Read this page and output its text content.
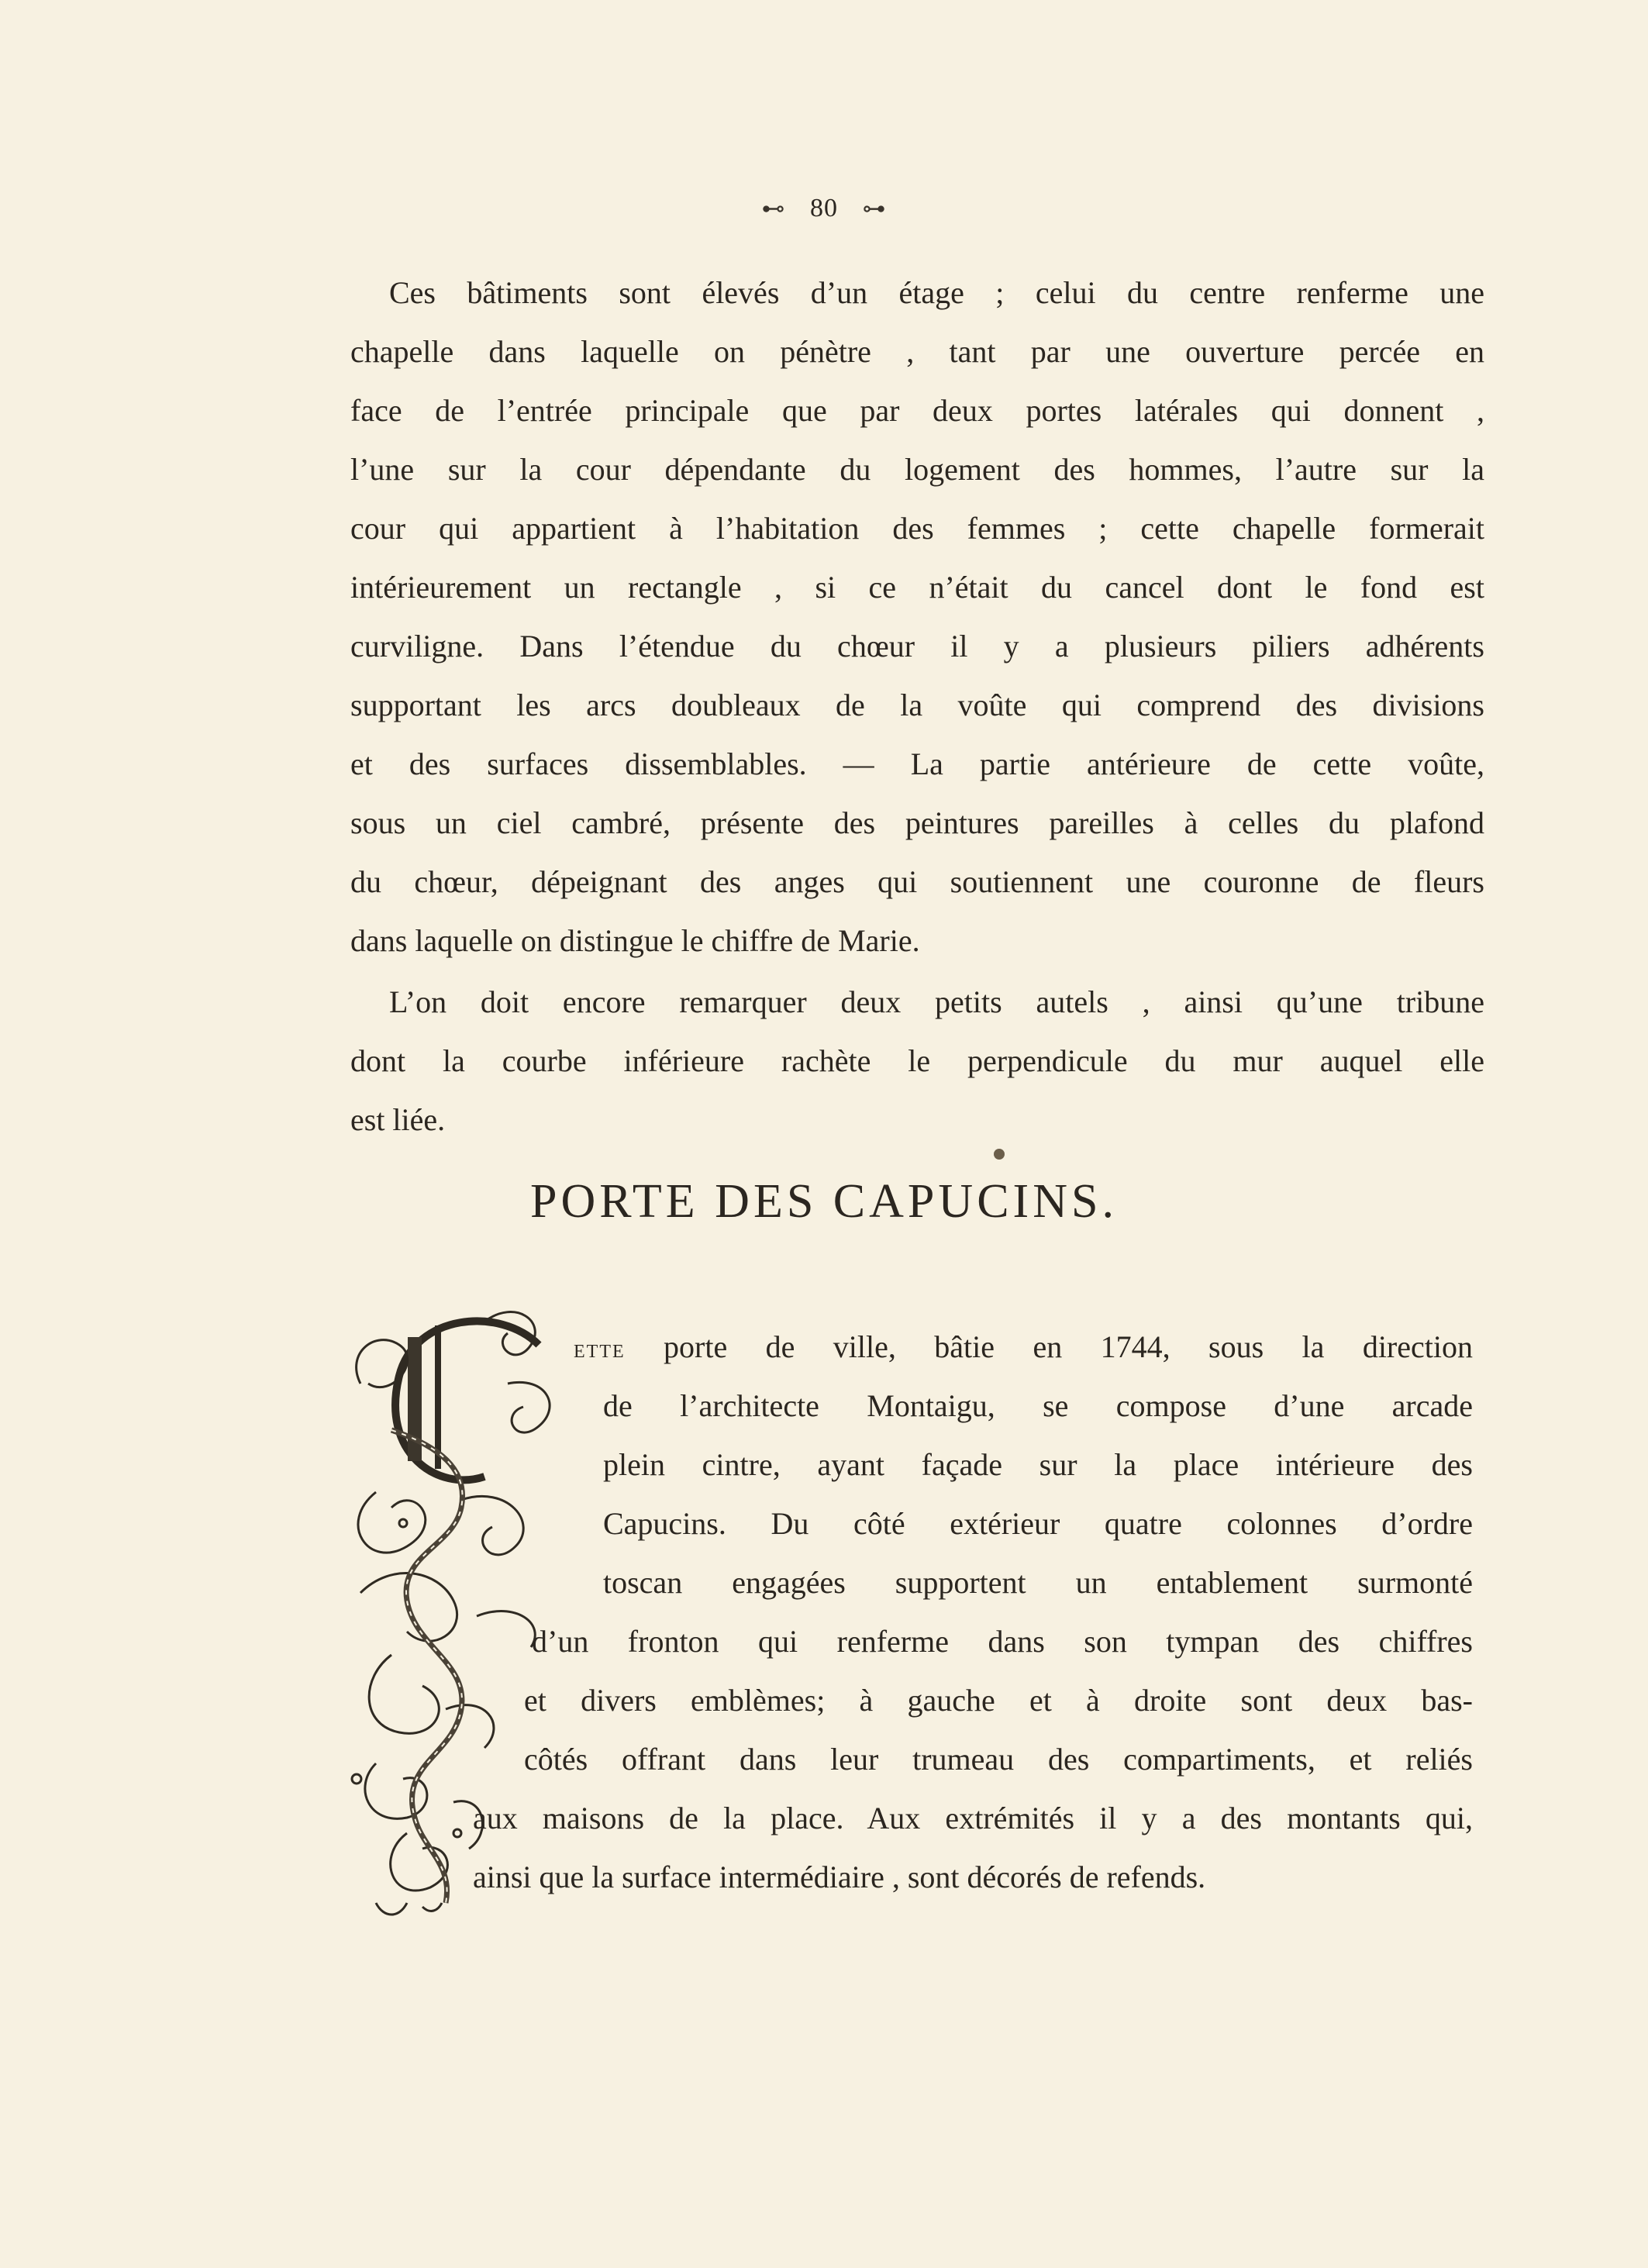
⊷ 80 ⊶
Ces bâtiments sont élevés d’un étage ; celui du centre renferme une
chapelle dans laquelle on pénètre , tant par une ouverture percée en
face de l’entrée principale que par deux portes latérales qui donnent ,
l’une sur la cour dépendante du logement des hommes, l’autre sur la
cour qui appartient à l’habitation des femmes ; cette chapelle formerait
intérieurement un rectangle , si ce n’était du cancel dont le fond est
curviligne. Dans l’étendue du chœur il y a plusieurs piliers adhérents
supportant les arcs doubleaux de la voûte qui comprend des divisions
et des surfaces dissemblables. — La partie antérieure de cette voûte,
sous un ciel cambré, présente des peintures pareilles à celles du plafond
du chœur, dépeignant des anges qui soutiennent une couronne de fleurs
dans laquelle on distingue le chiffre de Marie.
L’on doit encore remarquer deux petits autels , ainsi qu’une tribune
dont la courbe inférieure rachète le perpendicule du mur auquel elle
est liée.
PORTE DES CAPUCINS.
ette porte de ville, bâtie en 1744, sous la direction
de l’architecte Montaigu, se compose d’une arcade
plein cintre, ayant façade sur la place intérieure des
Capucins. Du côté extérieur quatre colonnes d’ordre
toscan engagées supportent un entablement surmonté
d’un fronton qui renferme dans son tympan des chiffres
et divers emblèmes; à gauche et à droite sont deux bas-
côtés offrant dans leur trumeau des compartiments, et reliés
aux maisons de la place. Aux extrémités il y a des montants qui,
ainsi que la surface intermédiaire , sont décorés de refends.
